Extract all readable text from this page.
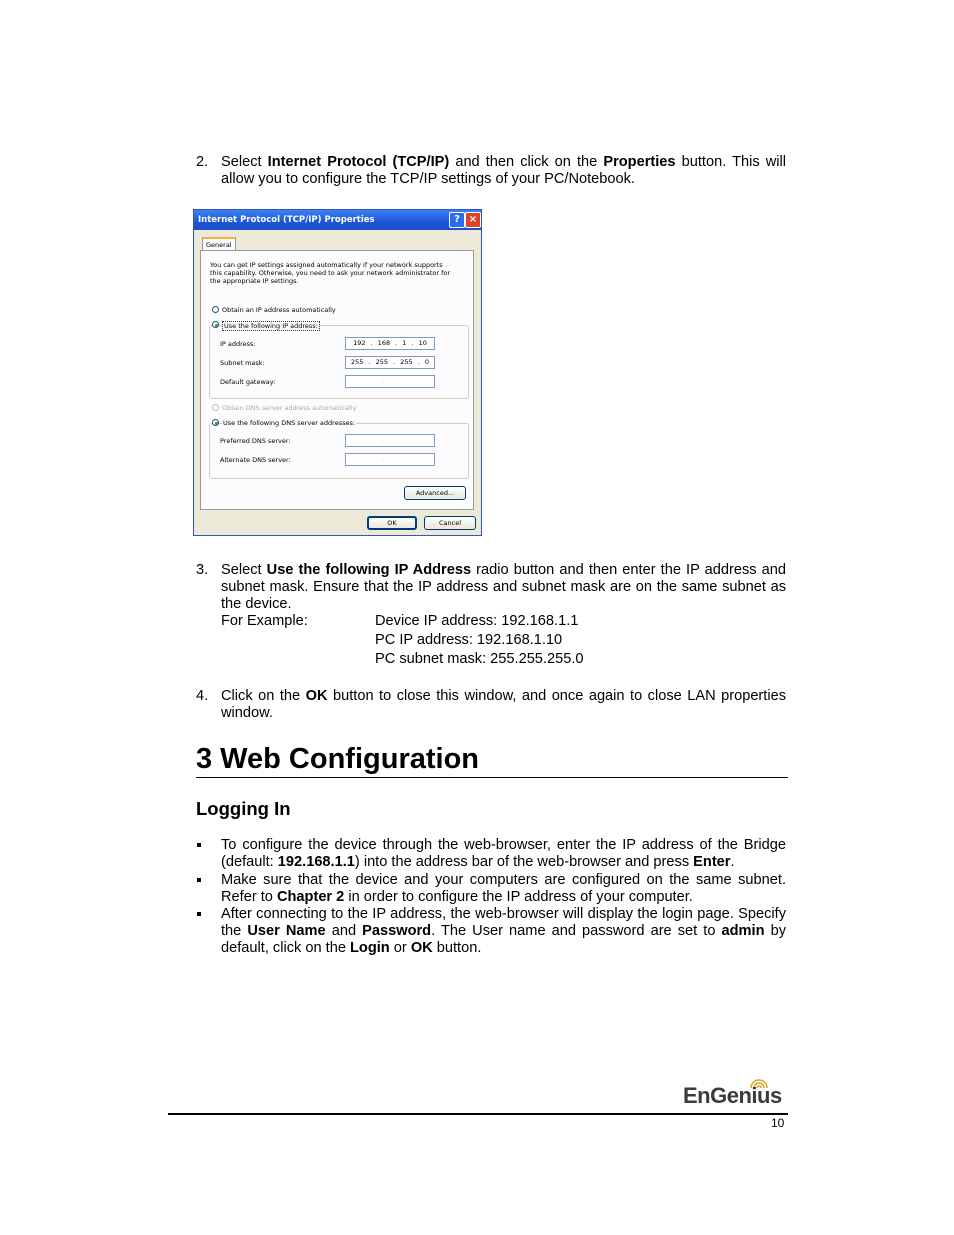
2. Select Internet Protocol (TCP/IP) and then click on the Properties button. This will allow you to configure the TCP/IP settings of your PC/Notebook.
Internet Protocol (TCP/IP) Properties	? ×
General
You can get IP settings assigned automatically if your network supports
this capability. Otherwise, you need to ask your network administrator for
the appropriate IP settings.
Obtain an IP address automatically
Use the following IP address:
IP address:	192 . 168 . 1 . 10
Subnet mask:	255 . 255 . 255 . 0
Default gateway:	. . .
Obtain DNS server address automatically
Use the following DNS server addresses:
Preferred DNS server:	. . .
Alternate DNS server:	. . .
Advanced...
OK	Cancel
3. Select Use the following IP Address radio button and then enter the IP address and subnet mask. Ensure that the IP address and subnet mask are on the same subnet as the device.
For Example:	Device IP address: 192.168.1.1
PC IP address: 192.168.1.10
PC subnet mask: 255.255.255.0
4. Click on the OK button to close this window, and once again to close LAN properties window.
3 Web Configuration
Logging In
To configure the device through the web-browser, enter the IP address of the Bridge (default: 192.168.1.1) into the address bar of the web-browser and press Enter.
Make sure that the device and your computers are configured on the same subnet. Refer to Chapter 2 in order to configure the IP address of your computer.
After connecting to the IP address, the web-browser will display the login page. Specify the User Name and Password. The User name and password are set to admin by default, click on the Login or OK button.
EnGenius
10
